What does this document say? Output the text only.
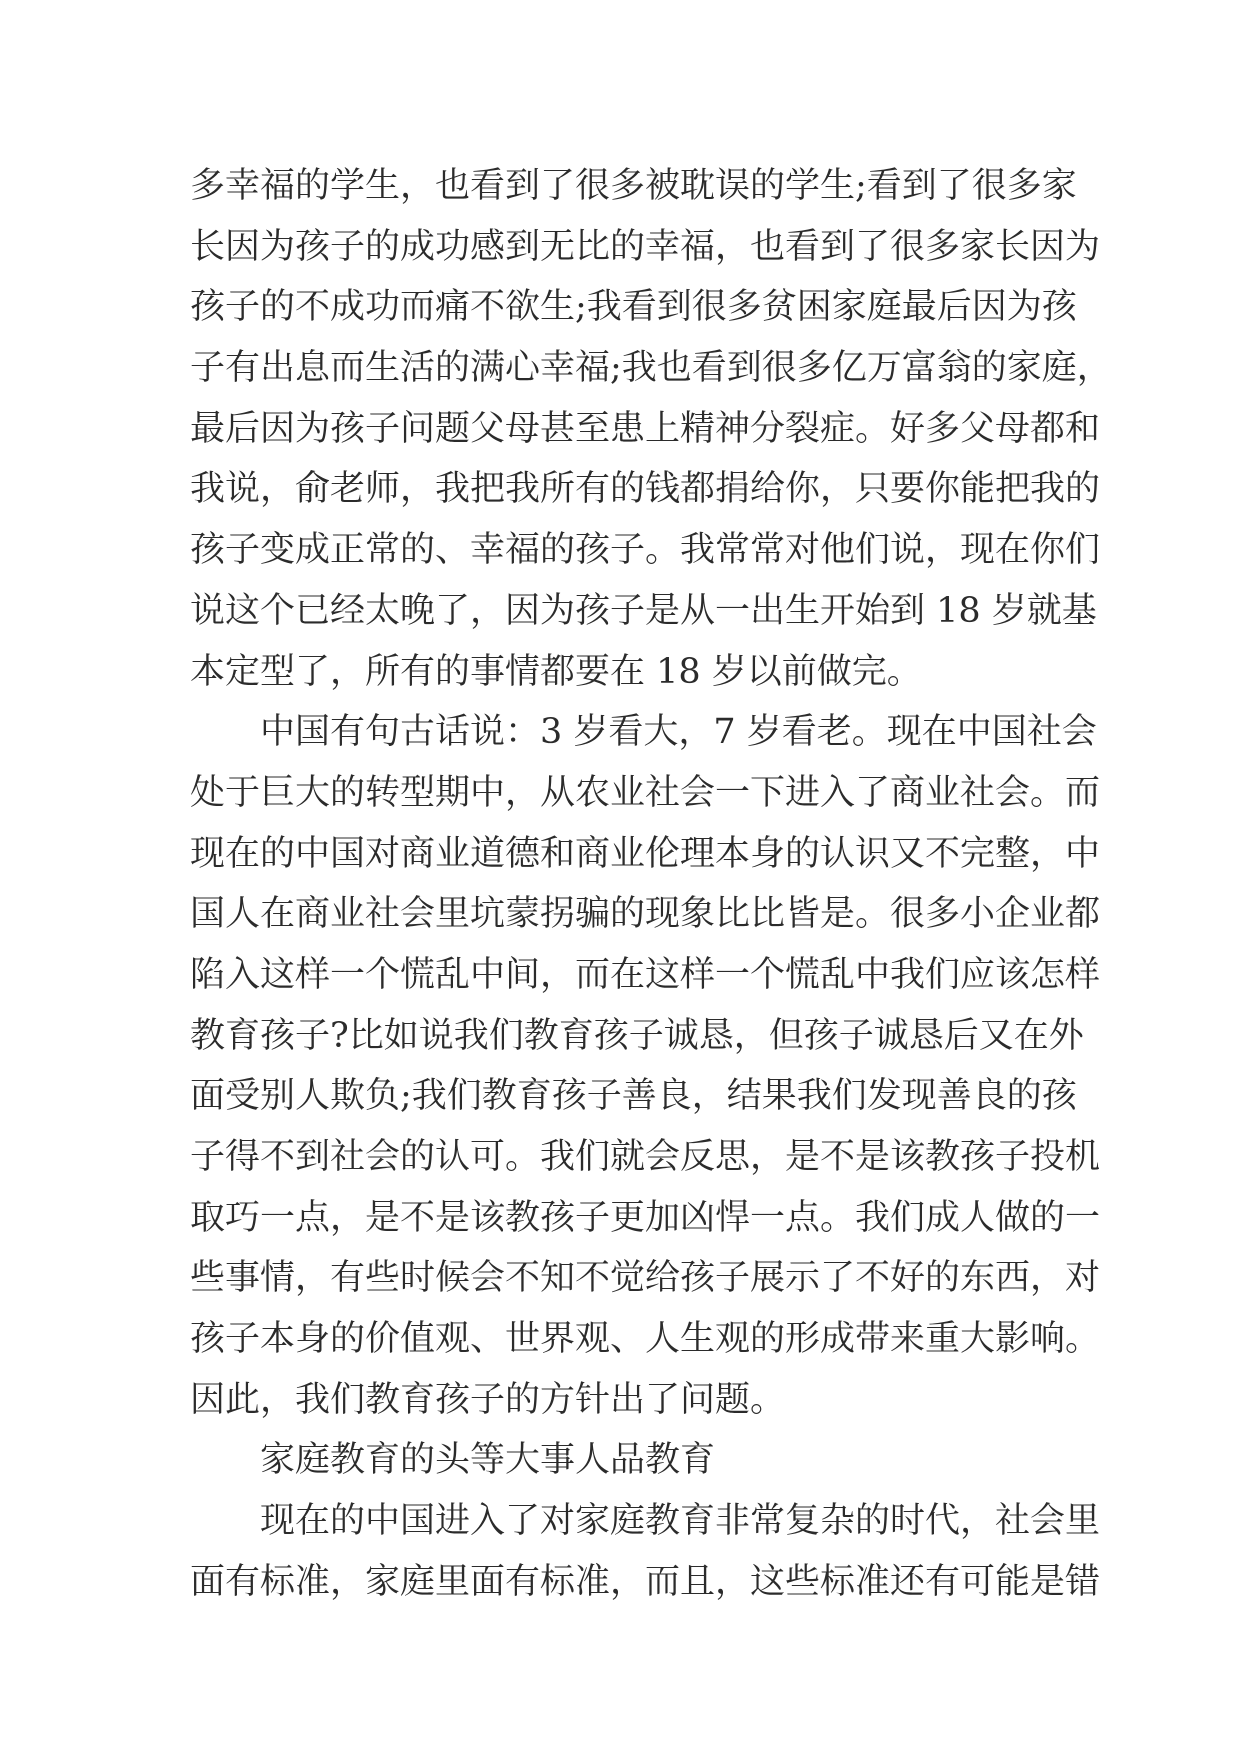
多幸福的学生，也看到了很多被耽误的学生;看到了很多家
长因为孩子的成功感到无比的幸福，也看到了很多家长因为
孩子的不成功而痛不欲生;我看到很多贫困家庭最后因为孩
子有出息而生活的满心幸福;我也看到很多亿万富翁的家庭，
最后因为孩子问题父母甚至患上精神分裂症。好多父母都和
我说，俞老师，我把我所有的钱都捐给你，只要你能把我的
孩子变成正常的、幸福的孩子。我常常对他们说，现在你们
说这个已经太晚了，因为孩子是从一出生开始到 18 岁就基
本定型了，所有的事情都要在 18 岁以前做完。
中国有句古话说：3 岁看大，7 岁看老。现在中国社会
处于巨大的转型期中，从农业社会一下进入了商业社会。而
现在的中国对商业道德和商业伦理本身的认识又不完整，中
国人在商业社会里坑蒙拐骗的现象比比皆是。很多小企业都
陷入这样一个慌乱中间，而在这样一个慌乱中我们应该怎样
教育孩子?比如说我们教育孩子诚恳，但孩子诚恳后又在外
面受别人欺负;我们教育孩子善良，结果我们发现善良的孩
子得不到社会的认可。我们就会反思，是不是该教孩子投机
取巧一点，是不是该教孩子更加凶悍一点。我们成人做的一
些事情，有些时候会不知不觉给孩子展示了不好的东西，对
孩子本身的价值观、世界观、人生观的形成带来重大影响。
因此，我们教育孩子的方针出了问题。
家庭教育的头等大事人品教育
现在的中国进入了对家庭教育非常复杂的时代，社会里
面有标准，家庭里面有标准，而且，这些标准还有可能是错
